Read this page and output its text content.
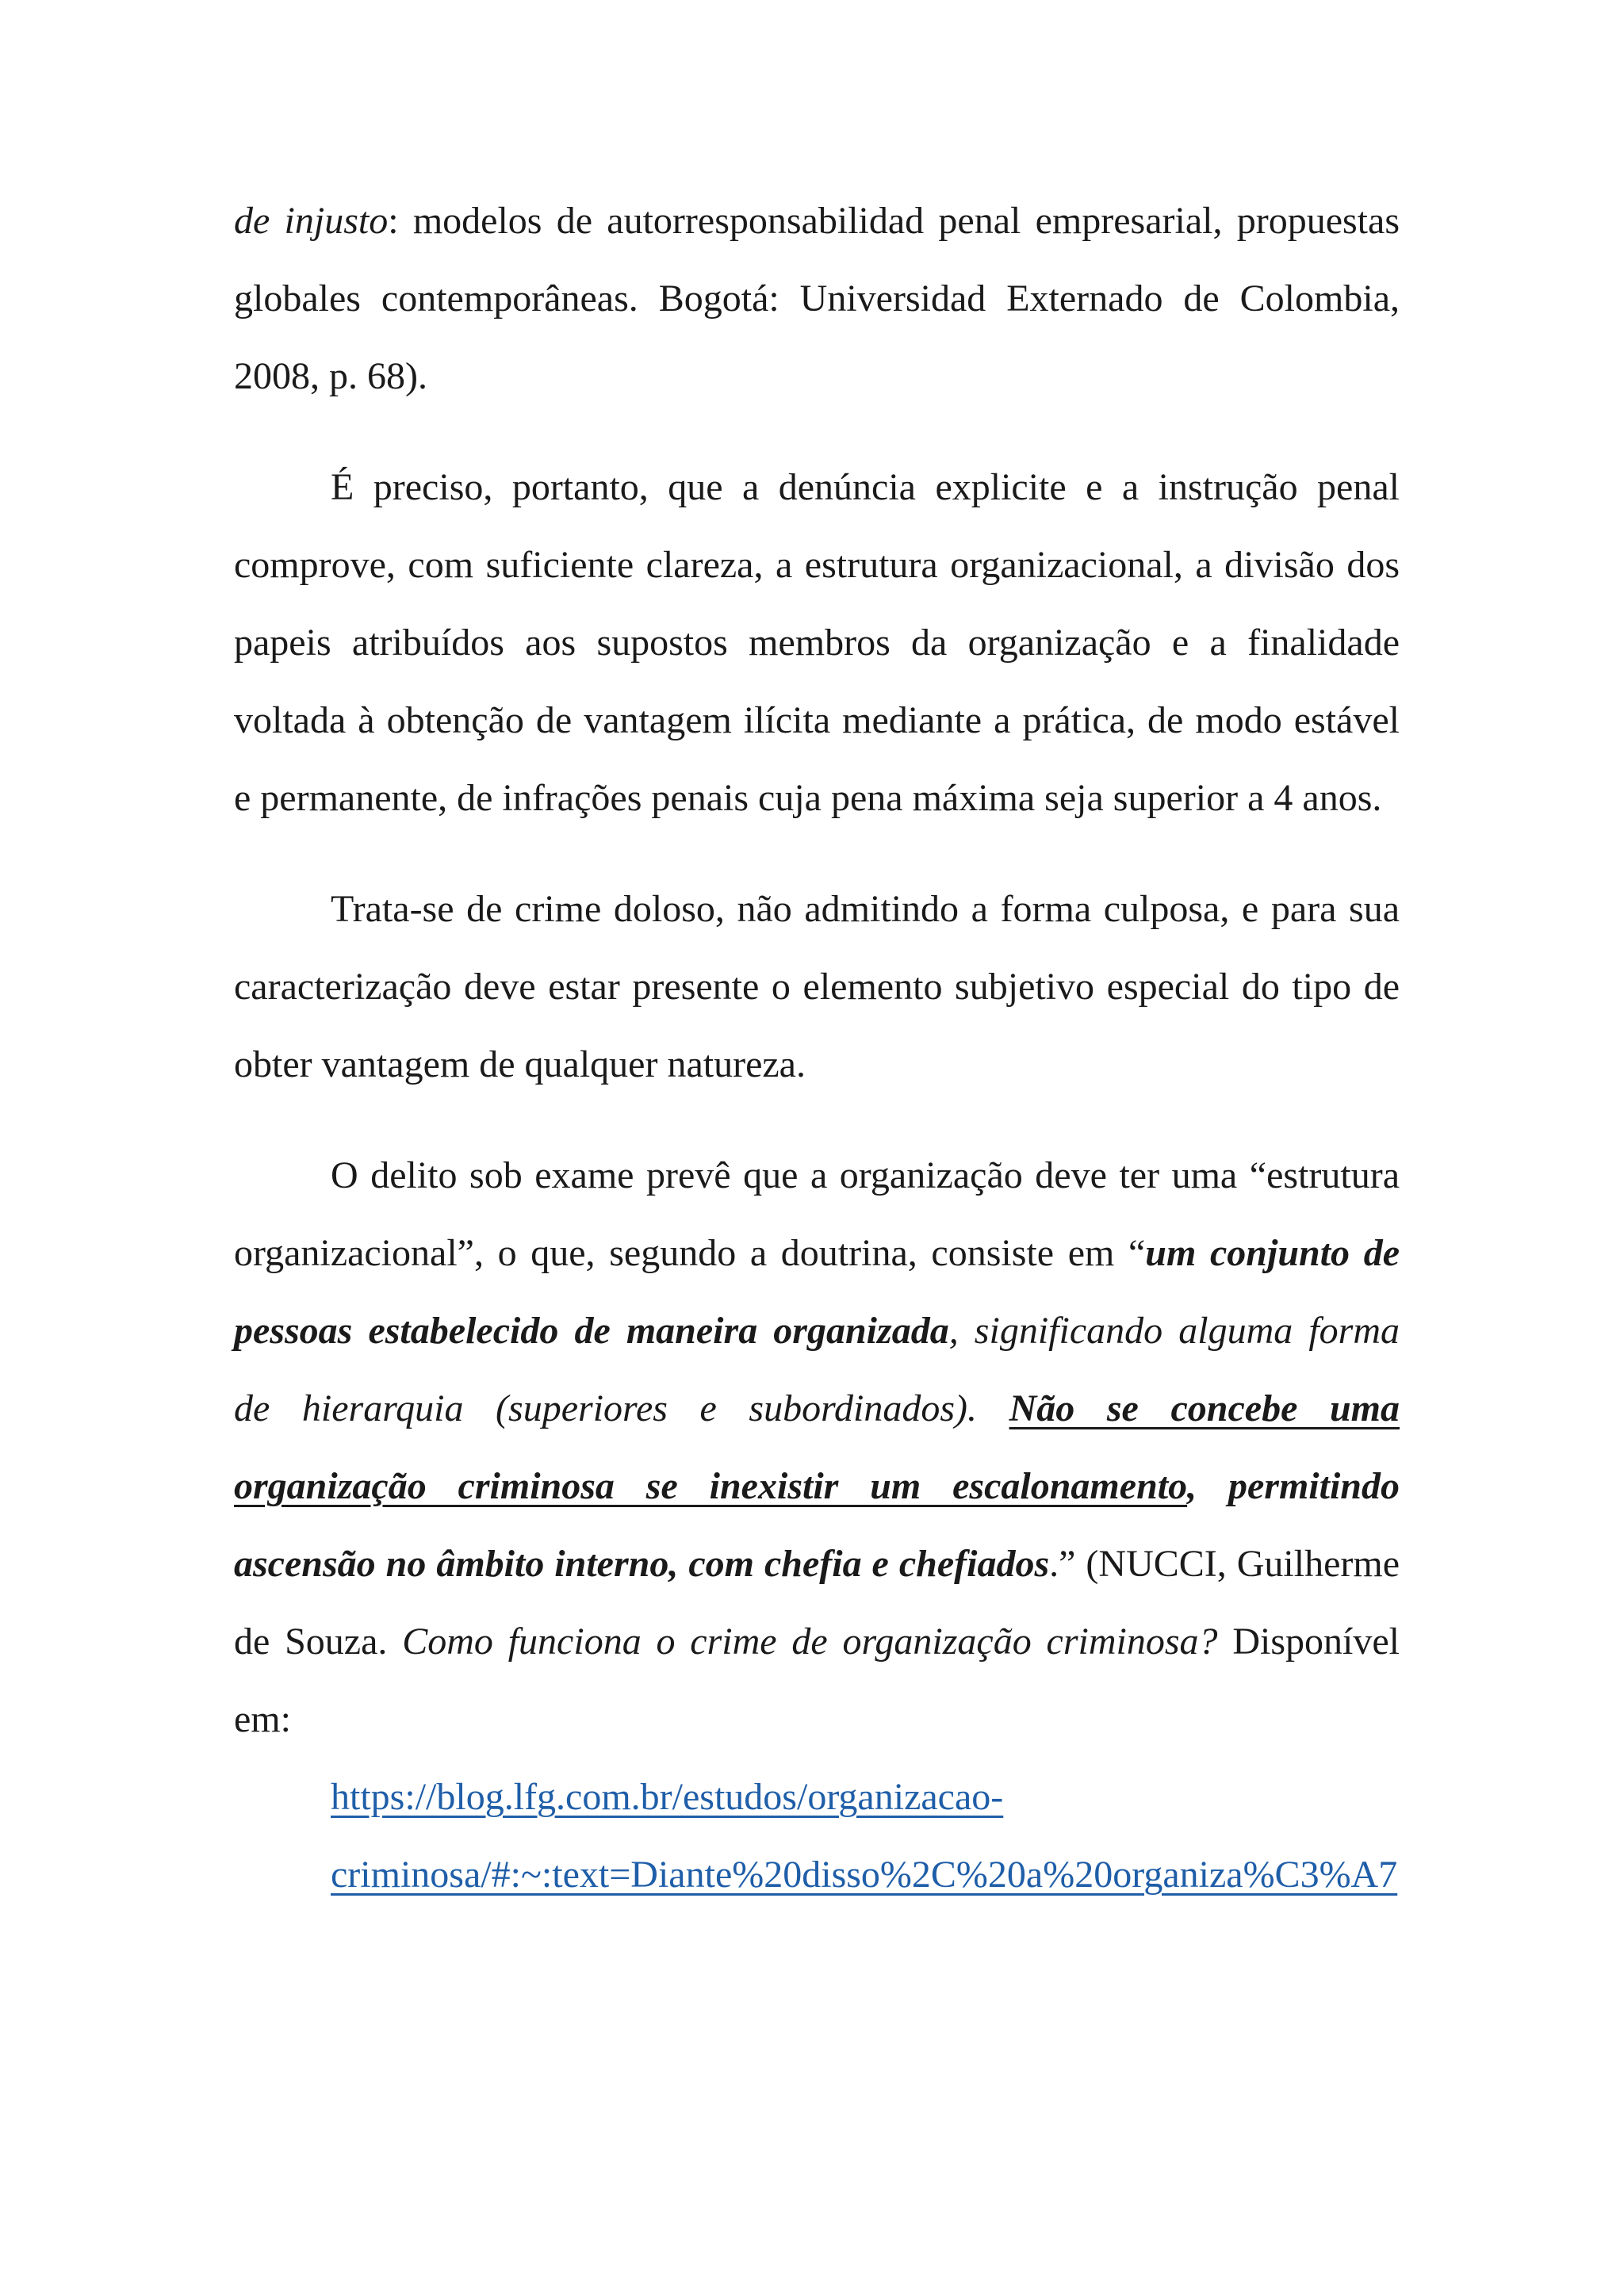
de injusto: modelos de autorresponsabilidad penal empresarial, propuestas globales contemporâneas. Bogotá: Universidad Externado de Colombia, 2008, p. 68).

É preciso, portanto, que a denúncia explicite e a instrução penal comprove, com suficiente clareza, a estrutura organizacional, a divisão dos papeis atribuídos aos supostos membros da organização e a finalidade voltada à obtenção de vantagem ilícita mediante a prática, de modo estável e permanente, de infrações penais cuja pena máxima seja superior a 4 anos.

Trata-se de crime doloso, não admitindo a forma culposa, e para sua caracterização deve estar presente o elemento subjetivo especial do tipo de obter vantagem de qualquer natureza.

O delito sob exame prevê que a organização deve ter uma “estrutura organizacional”, o que, segundo a doutrina, consiste em “um conjunto de pessoas estabelecido de maneira organizada, significando alguma forma de hierarquia (superiores e subordinados). Não se concebe uma organização criminosa se inexistir um escalonamento, permitindo ascensão no âmbito interno, com chefia e chefiados.” (NUCCI, Guilherme de Souza. Como funciona o crime de organização criminosa? Disponível em:
https://blog.lfg.com.br/estudos/organizacao-
criminosa/#:~:text=Diante%20disso%2C%20a%20organiza%C3%A7
